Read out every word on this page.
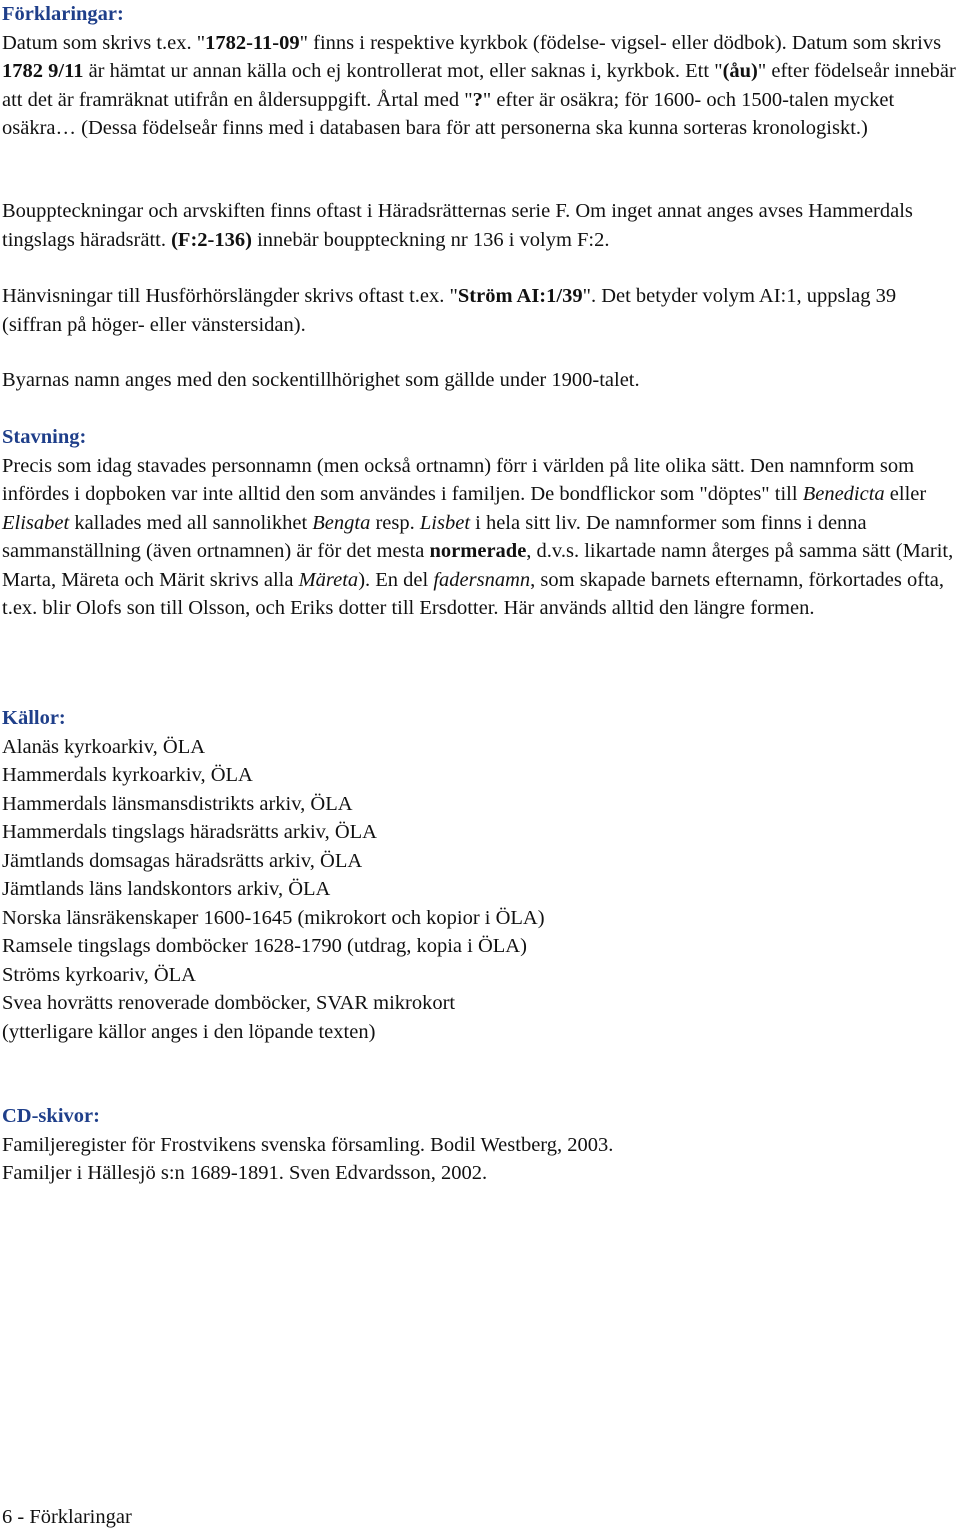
Förklaringar:

Datum som skrivs t.ex. "1782-11-09" finns i respektive kyrkbok (födelse- vigsel- eller dödbok). Datum som skrivs 1782 9/11 är hämtat ur annan källa och ej kontrollerat mot, eller saknas i, kyrkbok. Ett "(åu)" efter födelseår innebär att det är framräknat utifrån en åldersuppgift. Årtal med "?" efter är osäkra; för 1600- och 1500-talen mycket osäkra… (Dessa födelseår finns med i databasen bara för att personerna ska kunna sorteras kronologiskt.)

Bouppteckningar och arvskiften finns oftast i Häradsrätternas serie F. Om inget annat anges avses Hammerdals tingslags häradsrätt. (F:2-136) innebär bouppteckning nr 136 i volym F:2.

Hänvisningar till Husförhörslängder skrivs oftast t.ex. "Ström AI:1/39". Det betyder volym AI:1, uppslag 39 (siffran på höger- eller vänstersidan).

Byarnas namn anges med den sockentillhörighet som gällde under 1900-talet.

Stavning:

Precis som idag stavades personnamn (men också ortnamn) förr i världen på lite olika sätt. Den namnform som infördes i dopboken var inte alltid den som användes i familjen. De bondflickor som "döptes" till Benedicta eller Elisabet kallades med all sannolikhet Bengta resp. Lisbet i hela sitt liv. De namnformer som finns i denna sammanställning (även ortnamnen) är för det mesta normerade, d.v.s. likartade namn återges på samma sätt (Marit, Marta, Märeta och Märit skrivs alla Märeta). En del fadersnamn, som skapade barnets efternamn, förkortades ofta, t.ex. blir Olofs son till Olsson, och Eriks dotter till Ersdotter. Här används alltid den längre formen.

Källor:

Alanäs kyrkoarkiv, ÖLA
Hammerdals kyrkoarkiv, ÖLA
Hammerdals länsmansdistrikts arkiv, ÖLA
Hammerdals tingslags häradsrätts arkiv, ÖLA
Jämtlands domsagas häradsrätts arkiv, ÖLA
Jämtlands läns landskontors arkiv, ÖLA
Norska länsräkenskaper 1600-1645 (mikrokort och kopior i ÖLA)
Ramsele tingslags domböcker 1628-1790 (utdrag, kopia i ÖLA)
Ströms kyrkoariv, ÖLA
Svea hovrätts renoverade domböcker, SVAR mikrokort
(ytterligare källor anges i den löpande texten)

CD-skivor:

Familjeregister för Frostvikens svenska församling. Bodil Westberg, 2003.
Familjer i Hällesjö s:n 1689-1891. Sven Edvardsson, 2002.

6 - Förklaringar
